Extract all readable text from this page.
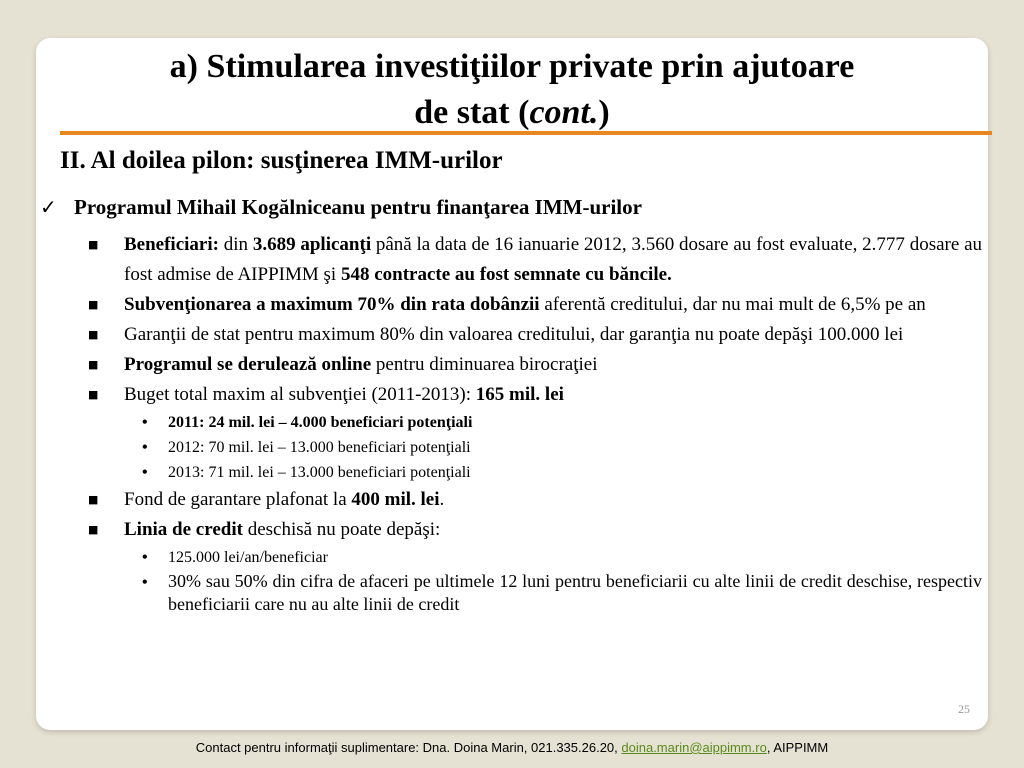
a) Stimularea investiţiilor private prin ajutoare
de stat (cont.)
II. Al doilea pilon: susţinerea IMM-urilor
✓ Programul Mihail Kogălniceanu pentru finanţarea IMM-urilor
■	Beneficiari: din 3.689 aplicanţi până la data de 16 ianuarie 2012, 3.560 dosare au fost evaluate, 2.777 dosare au fost admise de AIPPIMM şi 548 contracte au fost semnate cu băncile.
■	Subvenţionarea a maximum 70% din rata dobânzii aferentă creditului, dar nu mai mult de 6,5% pe an
■	Garanţii de stat pentru maximum 80% din valoarea creditului, dar garanţia nu poate depăşi 100.000 lei
■	Programul se derulează online pentru diminuarea birocraţiei
■	Buget total maxim al subvenţiei (2011-2013): 165 mil. lei
•	2011: 24 mil. lei – 4.000 beneficiari potenţiali
•	2012: 70 mil. lei – 13.000 beneficiari potenţiali
•	2013: 71 mil. lei – 13.000 beneficiari potenţiali
■	Fond de garantare plafonat la 400 mil. lei.
■	Linia de credit deschisă nu poate depăşi:
•	125.000 lei/an/beneficiar
•	30% sau 50% din cifra de afaceri pe ultimele 12 luni pentru beneficiarii cu alte linii de credit deschise, respectiv beneficiarii care nu au alte linii de credit
25
Contact pentru informaţii suplimentare: Dna. Doina Marin, 021.335.26.20, doina.marin@aippimm.ro, AIPPIMM
